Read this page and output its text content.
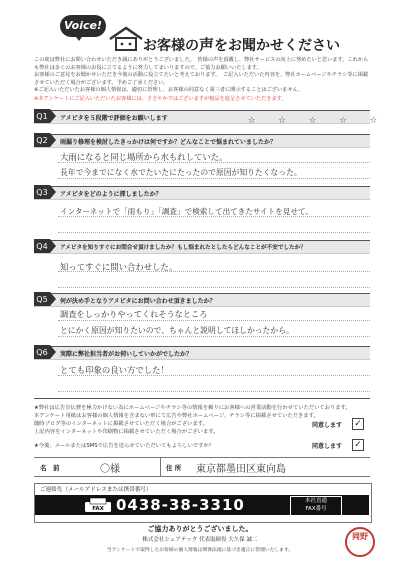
Voice!
お客様の声をお聞かせください
この度は弊社にお問い合わせいただき誠にありがとうございました。　皆様の声を頂戴し、弊社サービスの向上に努めたいと思います。これからも弊社は多くのお客様のお役に立てるように努力してまいりますので、ご協力お願いいたします。
お客様のご意見をお聞かせいただき今後の活動に役立てたいと考えております。　ご記入いただいた内容を、弊社ホームページやチラシ等に掲載させていただく場合がございます。予めご了承ください。
※ご記入いただいたお客様の個人情報は、適切に管理し、お客様の同意なく第三者に開示することはございません。
※本アンケートにご記入いただいたお客様には、ささやかではございますが粗品を進呈させていただきます。
Q1 アメピタを５段階で評価をお願いします	☆ ☆ ☆ ☆ ☆
Q2 雨漏り修理を検討したきっかけは何ですか？どんなことで悩まれていましたか？
大雨になると同じ場所から水もれしていた。
長年で今までになく水でたいたにたったので原因が知りたくなった。
Q3 アメピタをどのように探しましたか？
インターネットで「雨もり」「調査」で検索して出てきたサイトを見せて。
Q4 アメピタを知りすぐにお問合せ頂けましたか？もし悩まれたとしたらどんなことが不安でしたか？
知ってすぐに問い合わせした。
Q5 何が決め手となりアメピタにお問い合わせ頂きましたか？
調査をしっかりやってくれそうなところ
とにかく原因が知りたいので、ちゃんと説明してほしかったから。
Q6 実際に弊社担当者がお伺いしていかがでしたか？
とても印象の良い方でした！
★弊社は広告宣伝費を極力かけない為にホームページやチラシ等の情報を頼りにお客様への営業活動を行わせていただいております。
本アンケート用紙はお客様の個人情報を含まない形にて広告や弊社ホームページ、チラシ等に掲載させていただきます。
随時ブログ等のインターネットに掲載させていただく場合がございます。
上記内容をインターネットや印刷物に掲載させていただく場合がございます。
同意します ✓
★今後、メールまたはSMSで広告を送らせていただいてもよろしいですか？	同意します ✓
名　前	〇様	住 所 東京都墨田区東向島
ご連絡先（メールアドレスまたは携帯番号）
FAX 0438-38-3310	本社直通
FAX番号
ご協力ありがとうございました。
株式会社シェアテック 代表取締役 大久保 誠二
当アンケートで取得したお客様の個人情報は関係法規に基づき適正に管理いたします。
岡野
